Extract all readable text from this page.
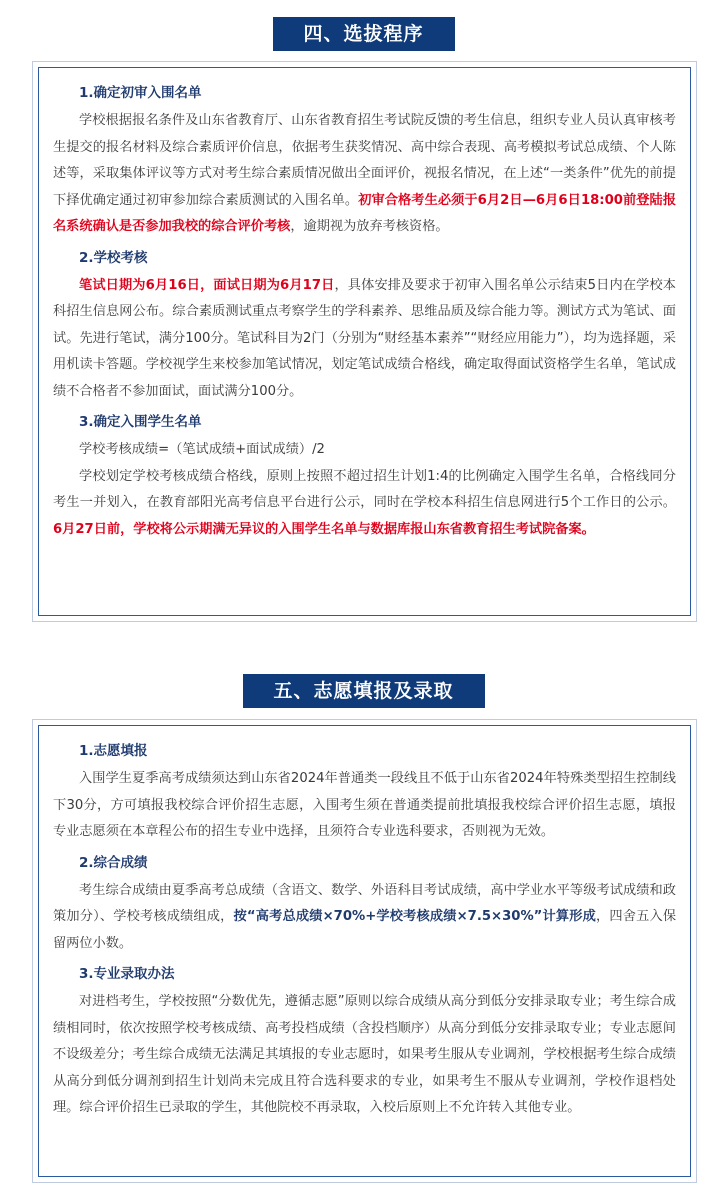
四、选拔程序
1.确定初审入围名单

学校根据报名条件及山东省教育厅、山东省教育招生考试院反馈的考生信息，组织专业人员认真审核考生提交的报名材料及综合素质评价信息，依据考生获奖情况、高中综合表现、高考模拟考试总成绩、个人陈述等，采取集体评议等方式对考生综合素质情况做出全面评价，视报名情况，在上述“一类条件”优先的前提下择优确定通过初审参加综合素质测试的入围名单。初审合格考生必须于6月2日—6月6日18:00前登陆报名系统确认是否参加我校的综合评价考核，逾期视为放弃考核资格。

2.学校考核

笔试日期为6月16日，面试日期为6月17日，具体安排及要求于初审入围名单公示结束5日内在学校本科招生信息网公布。综合素质测试重点考察学生的学科素养、思维品质及综合能力等。测试方式为笔试、面试。先进行笔试，满分100分。笔试科目为2门（分别为“财经基本素养”“财经应用能力”），均为选择题，采用机读卡答题。学校视学生来校参加笔试情况，划定笔试成绩合格线，确定取得面试资格学生名单，笔试成绩不合格者不参加面试，面试满分100分。

3.确定入围学生名单

学校考核成绩=（笔试成绩+面试成绩）/2

学校划定学校考核成绩合格线，原则上按照不超过招生计划1:4的比例确定入围学生名单，合格线同分考生一并划入，在教育部阳光高考信息平台进行公示，同时在学校本科招生信息网进行5个工作日的公示。6月27日前，学校将公示期满无异议的入围学生名单与数据库报山东省教育招生考试院备案。

五、志愿填报及录取
1.志愿填报

入围学生夏季高考成绩须达到山东省2024年普通类一段线且不低于山东省2024年特殊类型招生控制线下30分，方可填报我校综合评价招生志愿，入围考生须在普通类提前批填报我校综合评价招生志愿，填报专业志愿须在本章程公布的招生专业中选择，且须符合专业选科要求，否则视为无效。

2.综合成绩

考生综合成绩由夏季高考总成绩（含语文、数学、外语科目考试成绩，高中学业水平等级考试成绩和政策加分）、学校考核成绩组成，按“高考总成绩×70%+学校考核成绩×7.5×30%”计算形成，四舍五入保留两位小数。

3.专业录取办法

对进档考生，学校按照“分数优先，遵循志愿”原则以综合成绩从高分到低分安排录取专业；考生综合成绩相同时，依次按照学校考核成绩、高考投档成绩（含投档顺序）从高分到低分安排录取专业；专业志愿间不设级差分；考生综合成绩无法满足其填报的专业志愿时，如果考生服从专业调剂，学校根据考生综合成绩从高分到低分调剂到招生计划尚未完成且符合选科要求的专业，如果考生不服从专业调剂，学校作退档处理。综合评价招生已录取的学生，其他院校不再录取，入校后原则上不允许转入其他专业。
